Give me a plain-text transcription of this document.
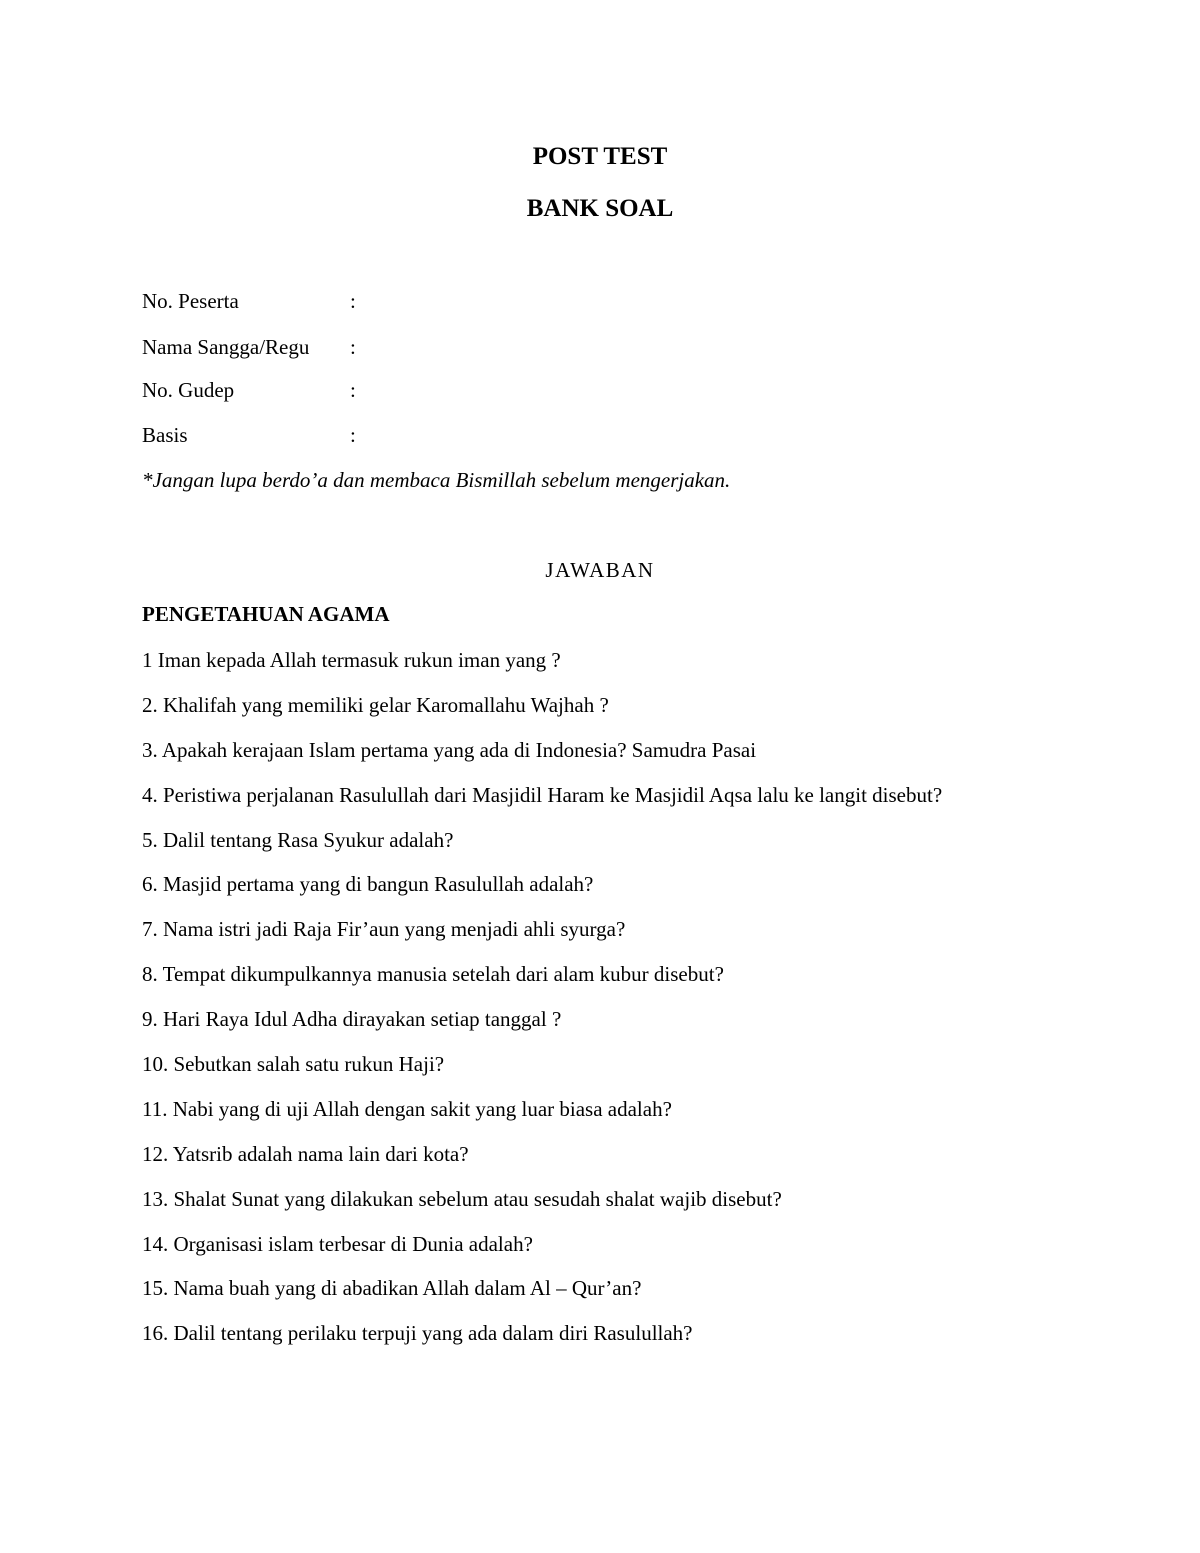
POST TEST
BANK SOAL
No. Peserta	:
Nama Sangga/Regu :
No. Gudep	:
Basis	:
*Jangan lupa berdo’a dan membaca Bismillah sebelum mengerjakan.
JAWABAN
PENGETAHUAN AGAMA
1 Iman kepada Allah termasuk rukun iman yang ?
2. Khalifah yang memiliki gelar Karomallahu Wajhah ?
3. Apakah kerajaan Islam pertama yang ada di Indonesia? Samudra Pasai
4. Peristiwa perjalanan Rasulullah dari Masjidil Haram ke Masjidil Aqsa lalu ke langit disebut?
5. Dalil tentang Rasa Syukur adalah?
6. Masjid pertama yang di bangun Rasulullah adalah?
7. Nama istri jadi Raja Fir’aun yang menjadi ahli syurga?
8. Tempat dikumpulkannya manusia setelah dari alam kubur disebut?
9. Hari Raya Idul Adha dirayakan setiap tanggal ?
10. Sebutkan salah satu rukun Haji?
11. Nabi yang di uji Allah dengan sakit yang luar biasa adalah?
12. Yatsrib adalah nama lain dari kota?
13. Shalat Sunat yang dilakukan sebelum atau sesudah shalat wajib disebut?
14. Organisasi islam terbesar di Dunia adalah?
15. Nama buah yang di abadikan Allah dalam Al – Qur’an?
16. Dalil tentang perilaku terpuji yang ada dalam diri Rasulullah?
